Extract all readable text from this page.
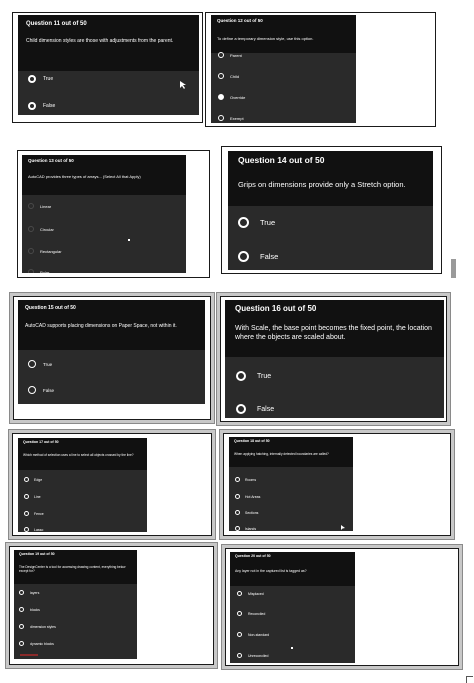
Question 11 out of 50
Child dimension styles are those with adjustments from the parent.
True
False
Question 12 out of 50
To define a temporary dimension style, use this option.
Parent
Child
Override
Exempt
Question 13 out of 50
AutoCAD provides three types of arrays... (Select All that Apply)
Linear
Circular
Rectangular
Polar
Question 14 out of 50
Grips on dimensions provide only a Stretch option.
True
False
Question 15 out of 50
AutoCAD supports placing dimensions on Paper Space, not within it.
True
False
Question 16 out of 50
With Scale, the base point becomes the fixed point, the location where the objects are scaled about.
True
False
Question 17 out of 50
Which method of selection uses a line to select all objects crossed by the line?
Edge
Line
Fence
Lasso
Question 18 out of 50
When applying hatching, internally detected boundaries are called?
Rooms
Hot Areas
Sections
Islands
Question 19 out of 50
The DesignCenter is a tool for accessing drawing content, everything below except for?
layers
blocks
dimension styles
dynamic blocks
Question 20 out of 50
Any layer not in the captured list is tagged as?
Misplaced
Reconciled
Non-standard
Unreconciled
